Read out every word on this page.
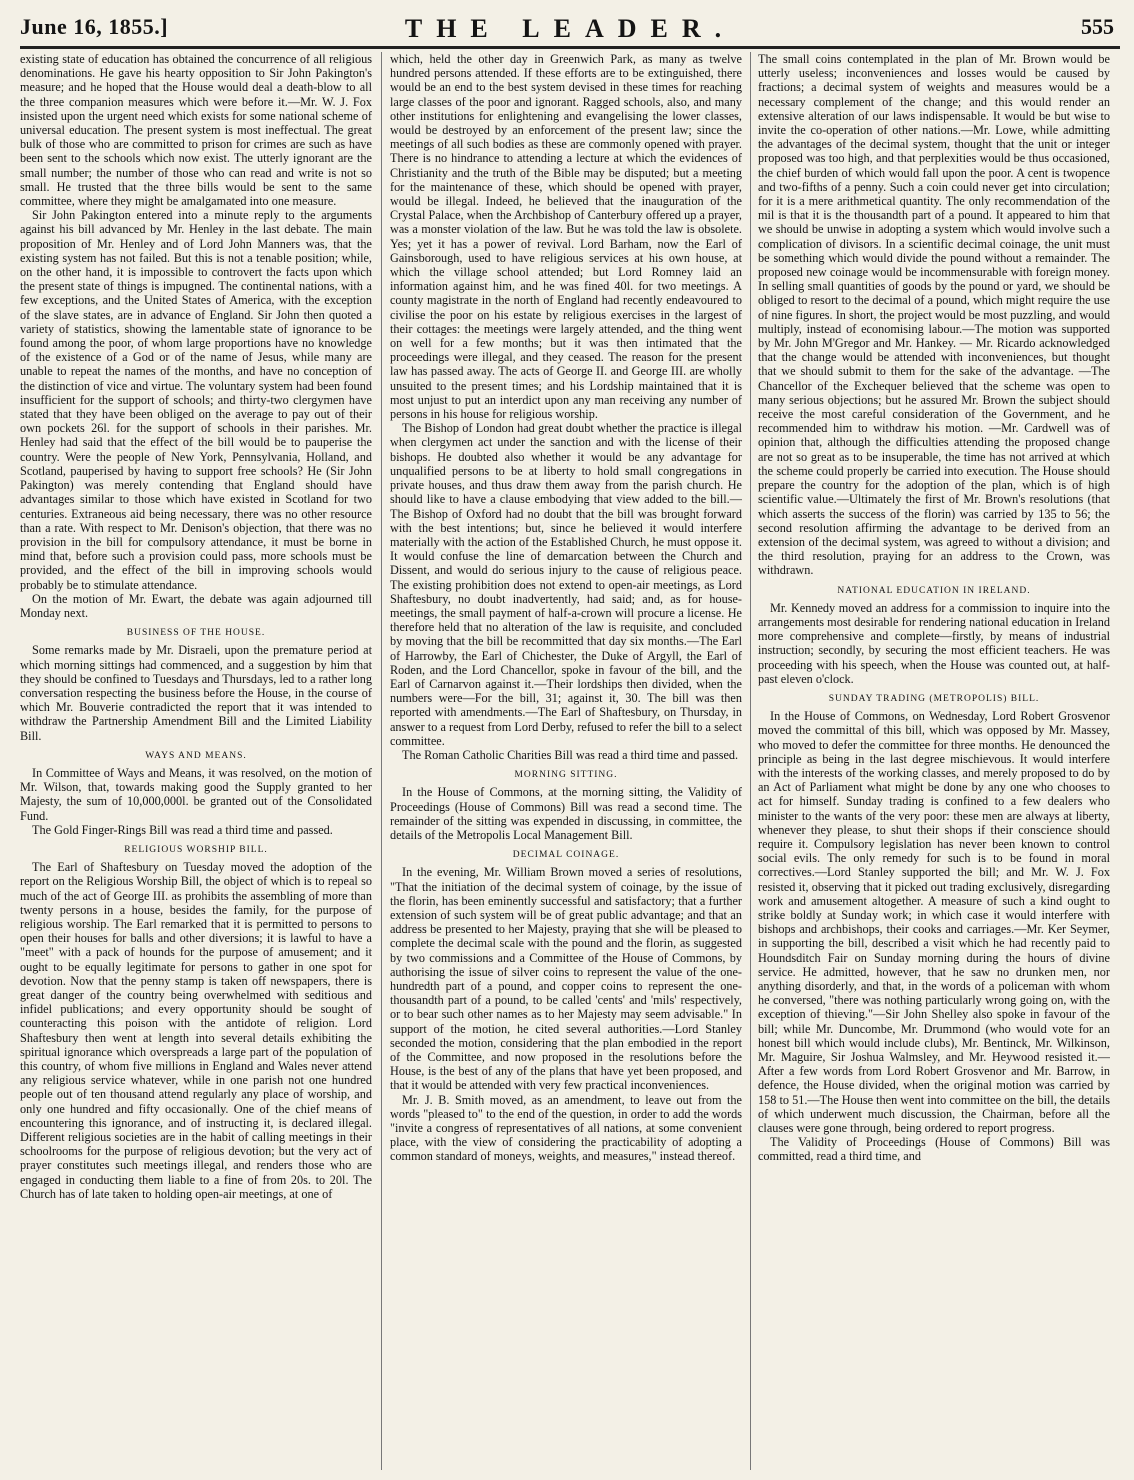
June 16, 1855.]	THE LEADER.	555

existing state of education has obtained the concurrence of all religious denominations. He gave his hearty opposition to Sir John Pakington's measure; and he hoped that the House would deal a death-blow to all the three companion measures which were before it.—Mr. W. J. Fox insisted upon the urgent need which exists for some national scheme of universal education. The present system is most ineffectual. The great bulk of those who are committed to prison for crimes are such as have been sent to the schools which now exist. The utterly ignorant are the small number; the number of those who can read and write is not so small. He trusted that the three bills would be sent to the same committee, where they might be amalgamated into one measure.

Sir John Pakington entered into a minute reply to the arguments against his bill advanced by Mr. Henley in the last debate. The main proposition of Mr. Henley and of Lord John Manners was, that the existing system has not failed. But this is not a tenable position; while, on the other hand, it is impossible to controvert the facts upon which the present state of things is impugned. The continental nations, with a few exceptions, and the United States of America, with the exception of the slave states, are in advance of England. Sir John then quoted a variety of statistics, showing the lamentable state of ignorance to be found among the poor, of whom large proportions have no knowledge of the existence of a God or of the name of Jesus, while many are unable to repeat the names of the months, and have no conception of the distinction of vice and virtue. The voluntary system had been found insufficient for the support of schools; and thirty-two clergymen have stated that they have been obliged on the average to pay out of their own pockets 26l. for the support of schools in their parishes. Mr. Henley had said that the effect of the bill would be to pauperise the country. Were the people of New York, Pennsylvania, Holland, and Scotland, pauperised by having to support free schools? He (Sir John Pakington) was merely contending that England should have advantages similar to those which have existed in Scotland for two centuries. Extraneous aid being necessary, there was no other resource than a rate. With respect to Mr. Denison's objection, that there was no provision in the bill for compulsory attendance, it must be borne in mind that, before such a provision could pass, more schools must be provided, and the effect of the bill in improving schools would probably be to stimulate attendance.

On the motion of Mr. Ewart, the debate was again adjourned till Monday next.

BUSINESS OF THE HOUSE.

Some remarks made by Mr. Disraeli, upon the premature period at which morning sittings had commenced, and a suggestion by him that they should be confined to Tuesdays and Thursdays, led to a rather long conversation respecting the business before the House, in the course of which Mr. Bouverie contradicted the report that it was intended to withdraw the Partnership Amendment Bill and the Limited Liability Bill.

WAYS AND MEANS.

In Committee of Ways and Means, it was resolved, on the motion of Mr. Wilson, that, towards making good the Supply granted to her Majesty, the sum of 10,000,000l. be granted out of the Consolidated Fund.

The Gold Finger-Rings Bill was read a third time and passed.

RELIGIOUS WORSHIP BILL.

The Earl of Shaftesbury on Tuesday moved the adoption of the report on the Religious Worship Bill, the object of which is to repeal so much of the act of George III. as prohibits the assembling of more than twenty persons in a house, besides the family, for the purpose of religious worship. The Earl remarked that it is permitted to persons to open their houses for balls and other diversions; it is lawful to have a "meet" with a pack of hounds for the purpose of amusement; and it ought to be equally legitimate for persons to gather in one spot for devotion. Now that the penny stamp is taken off newspapers, there is great danger of the country being overwhelmed with seditious and infidel publications; and every opportunity should be sought of counteracting this poison with the antidote of religion. Lord Shaftesbury then went at length into several details exhibiting the spiritual ignorance which overspreads a large part of the population of this country, of whom five millions in England and Wales never attend any religious service whatever, while in one parish not one hundred people out of ten thousand attend regularly any place of worship, and only one hundred and fifty occasionally. One of the chief means of encountering this ignorance, and of instructing it, is declared illegal. Different religious societies are in the habit of calling meetings in their schoolrooms for the purpose of religious devotion; but the very act of prayer constitutes such meetings illegal, and renders those who are engaged in conducting them liable to a fine of from 20s. to 20l. The Church has of late taken to holding open-air meetings, at one of

which, held the other day in Greenwich Park, as many as twelve hundred persons attended. If these efforts are to be extinguished, there would be an end to the best system devised in these times for reaching large classes of the poor and ignorant. Ragged schools, also, and many other institutions for enlightening and evangelising the lower classes, would be destroyed by an enforcement of the present law; since the meetings of all such bodies as these are commonly opened with prayer. There is no hindrance to attending a lecture at which the evidences of Christianity and the truth of the Bible may be disputed; but a meeting for the maintenance of these, which should be opened with prayer, would be illegal. Indeed, he believed that the inauguration of the Crystal Palace, when the Archbishop of Canterbury offered up a prayer, was a monster violation of the law. But he was told the law is obsolete. Yes; yet it has a power of revival. Lord Barham, now the Earl of Gainsborough, used to have religious services at his own house, at which the village school attended; but Lord Romney laid an information against him, and he was fined 40l. for two meetings. A county magistrate in the north of England had recently endeavoured to civilise the poor on his estate by religious exercises in the largest of their cottages: the meetings were largely attended, and the thing went on well for a few months; but it was then intimated that the proceedings were illegal, and they ceased. The reason for the present law has passed away. The acts of George II. and George III. are wholly unsuited to the present times; and his Lordship maintained that it is most unjust to put an interdict upon any man receiving any number of persons in his house for religious worship.

The Bishop of London had great doubt whether the practice is illegal when clergymen act under the sanction and with the license of their bishops. He doubted also whether it would be any advantage for unqualified persons to be at liberty to hold small congregations in private houses, and thus draw them away from the parish church. He should like to have a clause embodying that view added to the bill.—The Bishop of Oxford had no doubt that the bill was brought forward with the best intentions; but, since he believed it would interfere materially with the action of the Established Church, he must oppose it. It would confuse the line of demarcation between the Church and Dissent, and would do serious injury to the cause of religious peace. The existing prohibition does not extend to open-air meetings, as Lord Shaftesbury, no doubt inadvertently, had said; and, as for house-meetings, the small payment of half-a-crown will procure a license. He therefore held that no alteration of the law is requisite, and concluded by moving that the bill be recommitted that day six months.—The Earl of Harrowby, the Earl of Chichester, the Duke of Argyll, the Earl of Roden, and the Lord Chancellor, spoke in favour of the bill, and the Earl of Carnarvon against it.—Their lordships then divided, when the numbers were—For the bill, 31; against it, 30. The bill was then reported with amendments.—The Earl of Shaftesbury, on Thursday, in answer to a request from Lord Derby, refused to refer the bill to a select committee.

The Roman Catholic Charities Bill was read a third time and passed.

MORNING SITTING.

In the House of Commons, at the morning sitting, the Validity of Proceedings (House of Commons) Bill was read a second time. The remainder of the sitting was expended in discussing, in committee, the details of the Metropolis Local Management Bill.

DECIMAL COINAGE.

In the evening, Mr. William Brown moved a series of resolutions, "That the initiation of the decimal system of coinage, by the issue of the florin, has been eminently successful and satisfactory; that a further extension of such system will be of great public advantage; and that an address be presented to her Majesty, praying that she will be pleased to complete the decimal scale with the pound and the florin, as suggested by two commissions and a Committee of the House of Commons, by authorising the issue of silver coins to represent the value of the one-hundredth part of a pound, and copper coins to represent the one-thousandth part of a pound, to be called 'cents' and 'mils' respectively, or to bear such other names as to her Majesty may seem advisable." In support of the motion, he cited several authorities.—Lord Stanley seconded the motion, considering that the plan embodied in the report of the Committee, and now proposed in the resolutions before the House, is the best of any of the plans that have yet been proposed, and that it would be attended with very few practical inconveniences.

Mr. J. B. Smith moved, as an amendment, to leave out from the words "pleased to" to the end of the question, in order to add the words "invite a congress of representatives of all nations, at some convenient place, with the view of considering the practicability of adopting a common standard of moneys, weights, and measures," instead thereof.

The small coins contemplated in the plan of Mr. Brown would be utterly useless; inconveniences and losses would be caused by fractions; a decimal system of weights and measures would be a necessary complement of the change; and this would render an extensive alteration of our laws indispensable. It would be but wise to invite the co-operation of other nations.—Mr. Lowe, while admitting the advantages of the decimal system, thought that the unit or integer proposed was too high, and that perplexities would be thus occasioned, the chief burden of which would fall upon the poor. A cent is twopence and two-fifths of a penny. Such a coin could never get into circulation; for it is a mere arithmetical quantity. The only recommendation of the mil is that it is the thousandth part of a pound. It appeared to him that we should be unwise in adopting a system which would involve such a complication of divisors. In a scientific decimal coinage, the unit must be something which would divide the pound without a remainder. The proposed new coinage would be incommensurable with foreign money. In selling small quantities of goods by the pound or yard, we should be obliged to resort to the decimal of a pound, which might require the use of nine figures. In short, the project would be most puzzling, and would multiply, instead of economising labour.—The motion was supported by Mr. John M'Gregor and Mr. Hankey. — Mr. Ricardo acknowledged that the change would be attended with inconveniences, but thought that we should submit to them for the sake of the advantage. —The Chancellor of the Exchequer believed that the scheme was open to many serious objections; but he assured Mr. Brown the subject should receive the most careful consideration of the Government, and he recommended him to withdraw his motion. —Mr. Cardwell was of opinion that, although the difficulties attending the proposed change are not so great as to be insuperable, the time has not arrived at which the scheme could properly be carried into execution. The House should prepare the country for the adoption of the plan, which is of high scientific value.—Ultimately the first of Mr. Brown's resolutions (that which asserts the success of the florin) was carried by 135 to 56; the second resolution affirming the advantage to be derived from an extension of the decimal system, was agreed to without a division; and the third resolution, praying for an address to the Crown, was withdrawn.

NATIONAL EDUCATION IN IRELAND.

Mr. Kennedy moved an address for a commission to inquire into the arrangements most desirable for rendering national education in Ireland more comprehensive and complete—firstly, by means of industrial instruction; secondly, by securing the most efficient teachers. He was proceeding with his speech, when the House was counted out, at half-past eleven o'clock.

SUNDAY TRADING (METROPOLIS) BILL.

In the House of Commons, on Wednesday, Lord Robert Grosvenor moved the committal of this bill, which was opposed by Mr. Massey, who moved to defer the committee for three months. He denounced the principle as being in the last degree mischievous. It would interfere with the interests of the working classes, and merely proposed to do by an Act of Parliament what might be done by any one who chooses to act for himself. Sunday trading is confined to a few dealers who minister to the wants of the very poor: these men are always at liberty, whenever they please, to shut their shops if their conscience should require it. Compulsory legislation has never been known to control social evils. The only remedy for such is to be found in moral correctives.—Lord Stanley supported the bill; and Mr. W. J. Fox resisted it, observing that it picked out trading exclusively, disregarding work and amusement altogether. A measure of such a kind ought to strike boldly at Sunday work; in which case it would interfere with bishops and archbishops, their cooks and carriages.—Mr. Ker Seymer, in supporting the bill, described a visit which he had recently paid to Houndsditch Fair on Sunday morning during the hours of divine service. He admitted, however, that he saw no drunken men, nor anything disorderly, and that, in the words of a policeman with whom he conversed, "there was nothing particularly wrong going on, with the exception of thieving."—Sir John Shelley also spoke in favour of the bill; while Mr. Duncombe, Mr. Drummond (who would vote for an honest bill which would include clubs), Mr. Bentinck, Mr. Wilkinson, Mr. Maguire, Sir Joshua Walmsley, and Mr. Heywood resisted it.—After a few words from Lord Robert Grosvenor and Mr. Barrow, in defence, the House divided, when the original motion was carried by 158 to 51.—The House then went into committee on the bill, the details of which underwent much discussion, the Chairman, before all the clauses were gone through, being ordered to report progress.

The Validity of Proceedings (House of Commons) Bill was committed, read a third time, and
